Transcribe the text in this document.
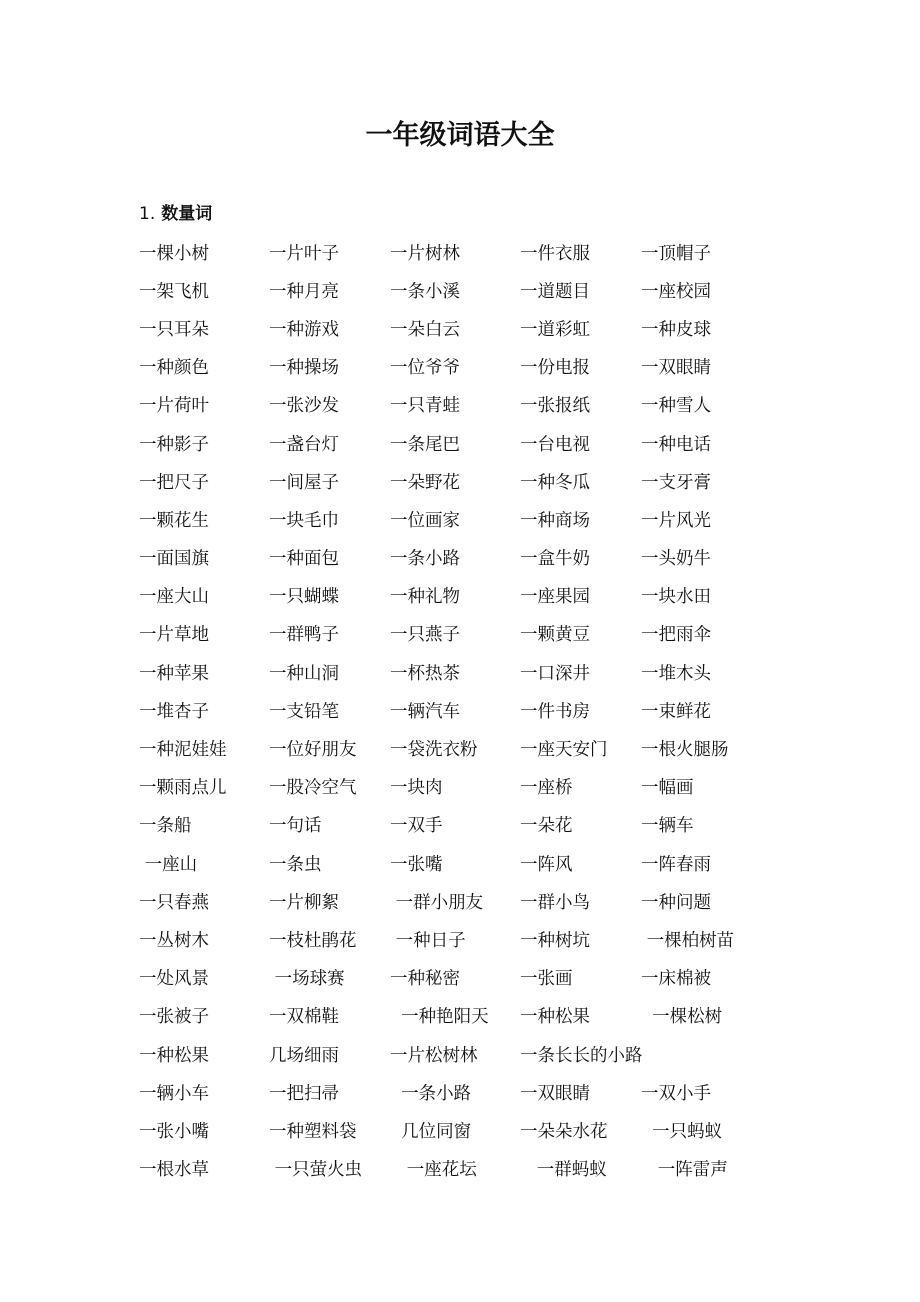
一年级词语大全
1. 数量词
一棵小树	一片叶子	一片树林	一件衣服	一顶帽子
一架飞机	一种月亮	一条小溪	一道题目	一座校园
一只耳朵	一种游戏	一朵白云	一道彩虹	一种皮球
一种颜色	一种操场	一位爷爷	一份电报	一双眼睛
一片荷叶	一张沙发	一只青蛙	一张报纸	一种雪人
一种影子	一盏台灯	一条尾巴	一台电视	一种电话
一把尺子	一间屋子	一朵野花	一种冬瓜	一支牙膏
一颗花生	一块毛巾	一位画家	一种商场	一片风光
一面国旗	一种面包	一条小路	一盒牛奶	一头奶牛
一座大山	一只蝴蝶	一种礼物	一座果园	一块水田
一片草地	一群鸭子	一只燕子	一颗黄豆	一把雨伞
一种苹果	一种山洞	一杯热茶	一口深井	一堆木头
一堆杏子	一支铅笔	一辆汽车	一件书房	一束鲜花
一种泥娃娃	一位好朋友	一袋洗衣粉	一座天安门	一根火腿肠
一颗雨点儿	一股冷空气	一块肉	一座桥	一幅画
一条船	一句话	一双手	一朵花	一辆车
一座山	一条虫	一张嘴	一阵风	一阵春雨
一只春燕	一片柳絮	一群小朋友	一群小鸟	一种问题
一丛树木	一枝杜鹃花	一种日子	一种树坑	一棵柏树苗
一处风景	一场球赛	一种秘密	一张画	一床棉被
一张被子	一双棉鞋	一种艳阳天	一种松果	一棵松树
一种松果	几场细雨	一片松树林	一条长长的小路
一辆小车	一把扫帚	一条小路	一双眼睛	一双小手
一张小嘴	一种塑料袋	几位同窗	一朵朵水花	一只蚂蚁
一根水草	一只萤火虫	一座花坛	一群蚂蚁	一阵雷声
